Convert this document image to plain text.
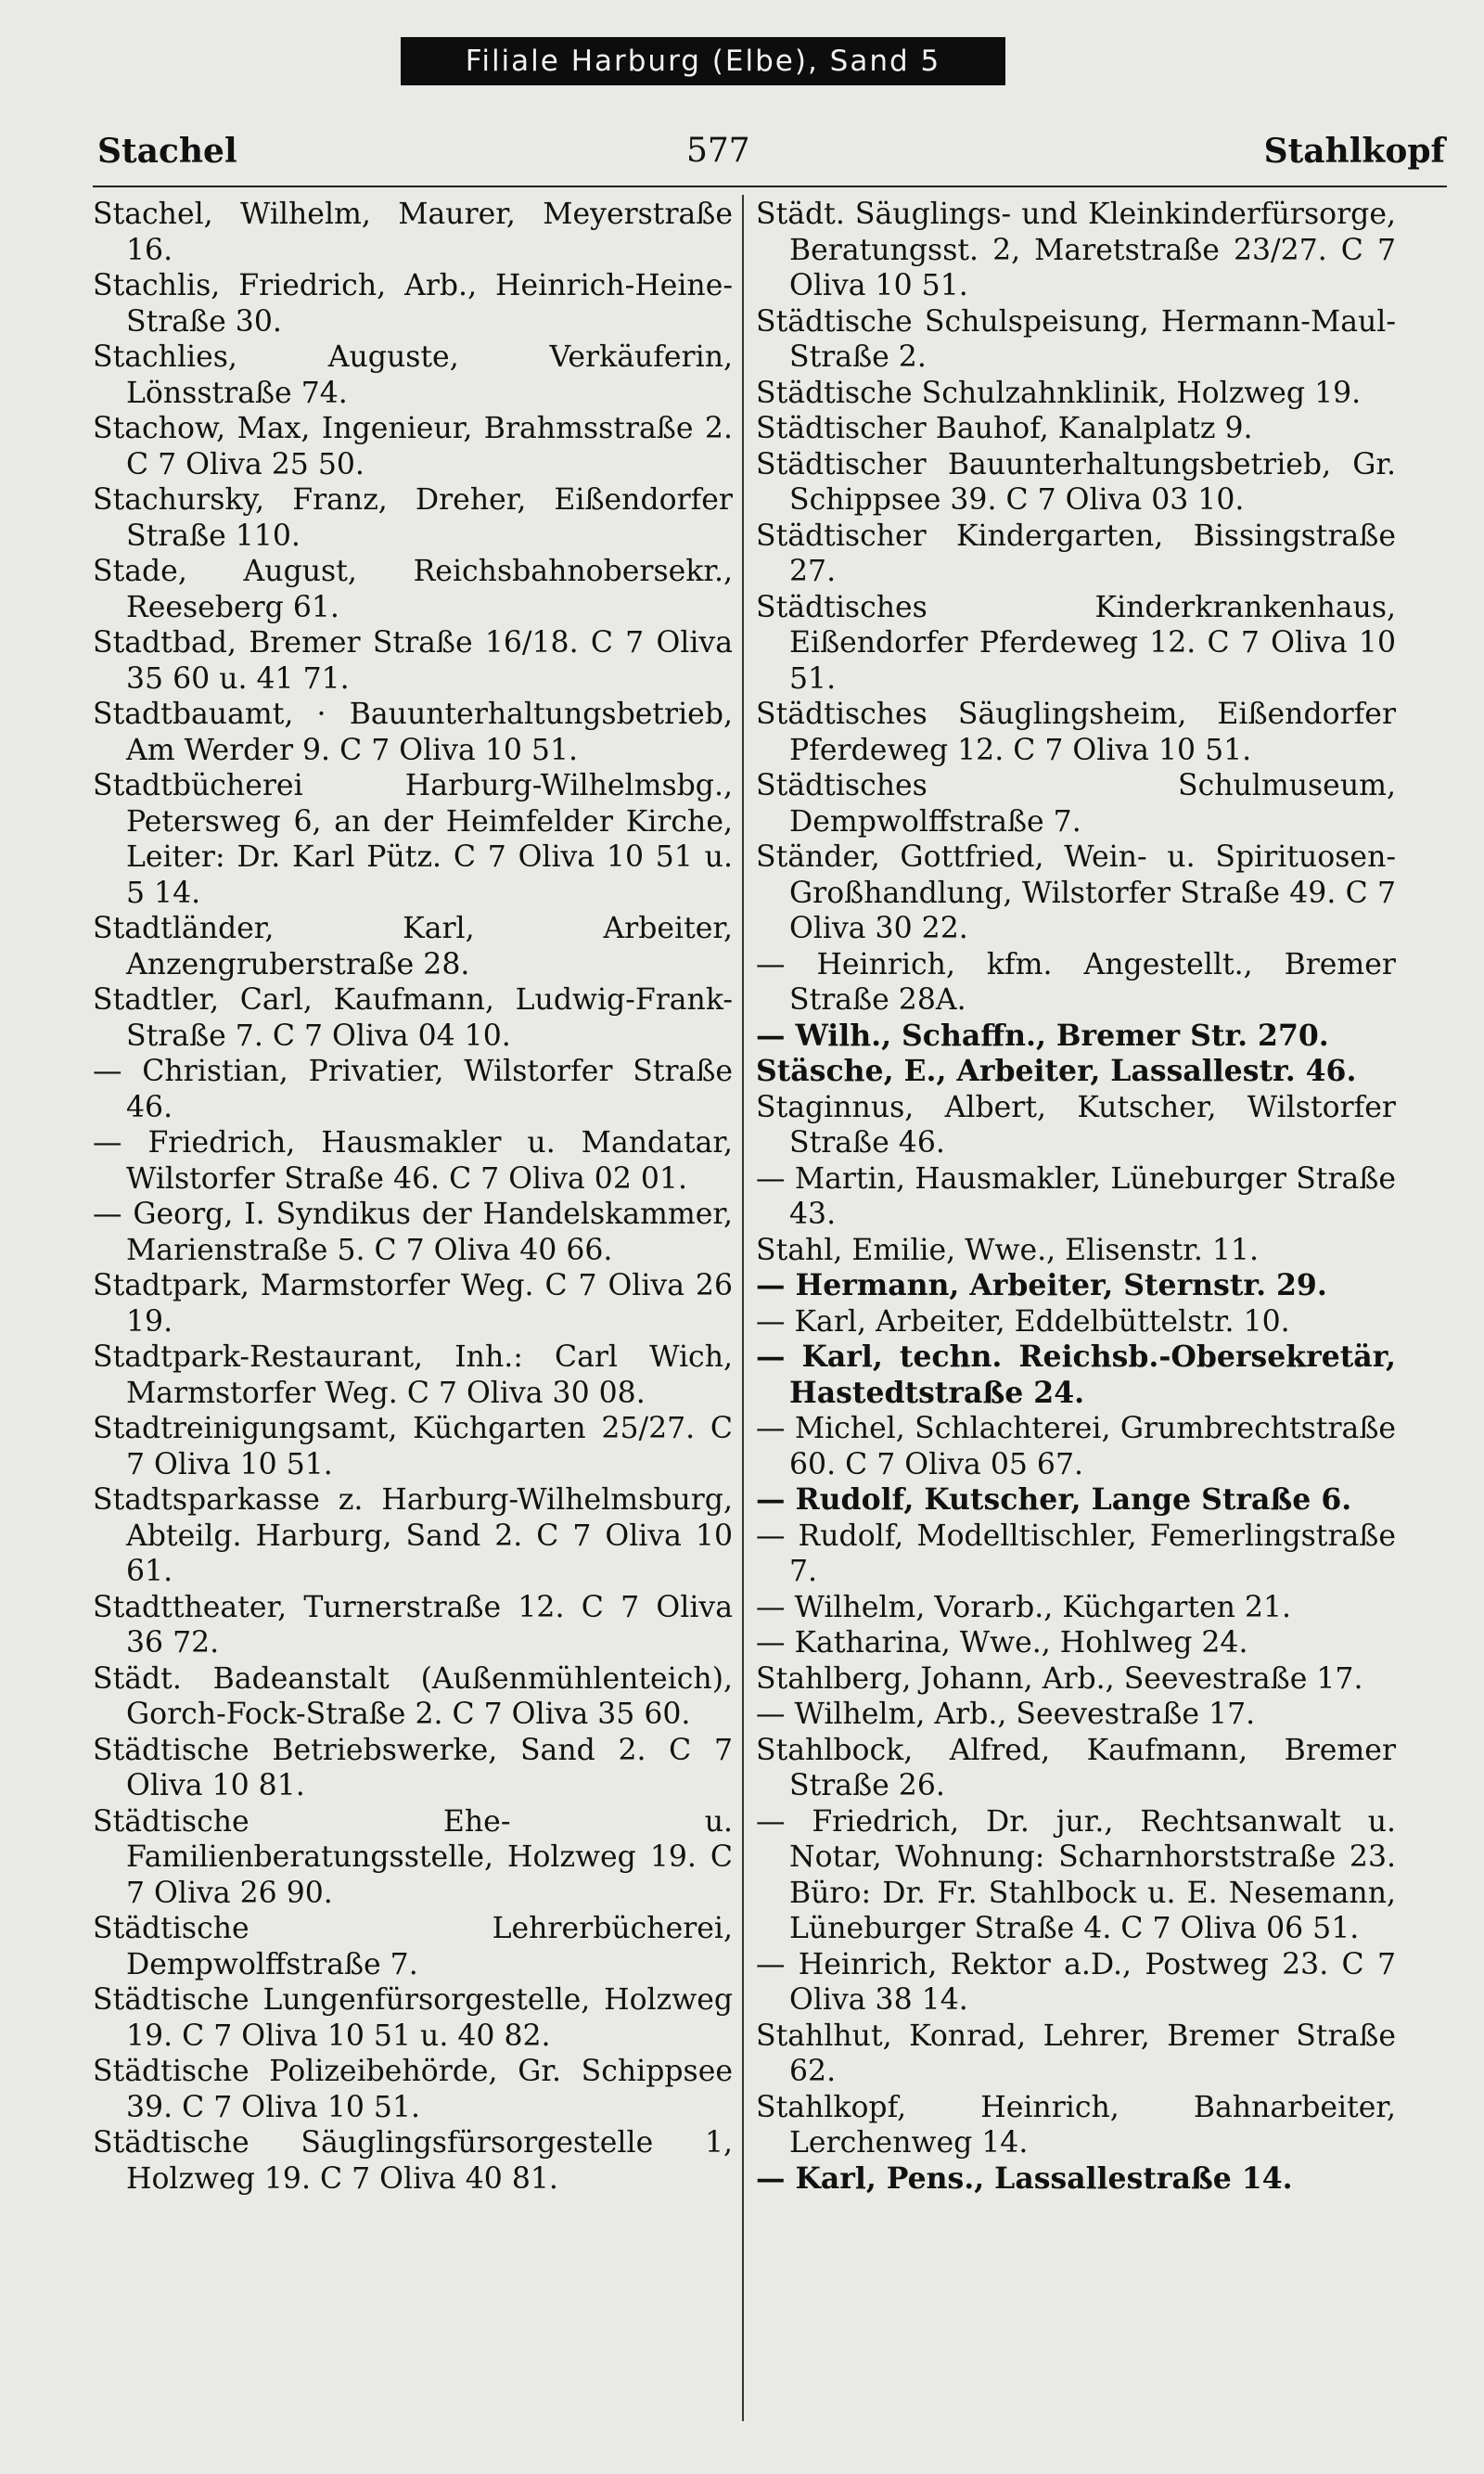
Filiale Harburg (Elbe), Sand 5
Stachel	577	Stahlkopf
Stachel, Wilhelm, Maurer, Meyerstraße 16.
Stachlis, Friedrich, Arb., Heinrich-Heine-Straße 30.
Stachlies, Auguste, Verkäuferin, Lönsstraße 74.
Stachow, Max, Ingenieur, Brahmsstraße 2. C 7 Oliva 25 50.
Stachursky, Franz, Dreher, Eißendorfer Straße 110.
Stade, August, Reichsbahnobersekr., Reeseberg 61.
Stadtbad, Bremer Straße 16/18. C 7 Oliva 35 60 u. 41 71.
Stadtbauamt, · Bauunterhaltungsbetrieb, Am Werder 9. C 7 Oliva 10 51.
Stadtbücherei Harburg-Wilhelmsbg., Petersweg 6, an der Heimfelder Kirche, Leiter: Dr. Karl Pütz. C 7 Oliva 10 51 u. 5 14.
Stadtländer, Karl, Arbeiter, Anzengruberstraße 28.
Stadtler, Carl, Kaufmann, Ludwig-Frank-Straße 7. C 7 Oliva 04 10.
— Christian, Privatier, Wilstorfer Straße 46.
— Friedrich, Hausmakler u. Mandatar, Wilstorfer Straße 46. C 7 Oliva 02 01.
— Georg, I. Syndikus der Handelskammer, Marienstraße 5. C 7 Oliva 40 66.
Stadtpark, Marmstorfer Weg. C 7 Oliva 26 19.
Stadtpark-Restaurant, Inh.: Carl Wich, Marmstorfer Weg. C 7 Oliva 30 08.
Stadtreinigungsamt, Küchgarten 25/27. C 7 Oliva 10 51.
Stadtsparkasse z. Harburg-Wilhelmsburg, Abteilg. Harburg, Sand 2. C 7 Oliva 10 61.
Stadttheater, Turnerstraße 12. C 7 Oliva 36 72.
Städt. Badeanstalt (Außenmühlenteich), Gorch-Fock-Straße 2. C 7 Oliva 35 60.
Städtische Betriebswerke, Sand 2. C 7 Oliva 10 81.
Städtische Ehe- u. Familienberatungsstelle, Holzweg 19. C 7 Oliva 26 90.
Städtische Lehrerbücherei, Dempwolffstraße 7.
Städtische Lungenfürsorgestelle, Holzweg 19. C 7 Oliva 10 51 u. 40 82.
Städtische Polizeibehörde, Gr. Schippsee 39. C 7 Oliva 10 51.
Städtische Säuglingsfürsorgestelle 1, Holzweg 19. C 7 Oliva 40 81.
Städt. Säuglings- und Kleinkinderfürsorge, Beratungsst. 2, Maretstraße 23/27. C 7 Oliva 10 51.
Städtische Schulspeisung, Hermann-Maul-Straße 2.
Städtische Schulzahnklinik, Holzweg 19.
Städtischer Bauhof, Kanalplatz 9.
Städtischer Bauunterhaltungsbetrieb, Gr. Schippsee 39. C 7 Oliva 03 10.
Städtischer Kindergarten, Bissingstraße 27.
Städtisches Kinderkrankenhaus, Eißendorfer Pferdeweg 12. C 7 Oliva 10 51.
Städtisches Säuglingsheim, Eißendorfer Pferdeweg 12. C 7 Oliva 10 51.
Städtisches Schulmuseum, Dempwolffstraße 7.
Ständer, Gottfried, Wein- u. Spirituosen-Großhandlung, Wilstorfer Straße 49. C 7 Oliva 30 22.
— Heinrich, kfm. Angestellt., Bremer Straße 28A.
— Wilh., Schaffn., Bremer Str. 270.
Stäsche, E., Arbeiter, Lassallestr. 46.
Staginnus, Albert, Kutscher, Wilstorfer Straße 46.
— Martin, Hausmakler, Lüneburger Straße 43.
Stahl, Emilie, Wwe., Elisenstr. 11.
— Hermann, Arbeiter, Sternstr. 29.
— Karl, Arbeiter, Eddelbüttelstr. 10.
— Karl, techn. Reichsb.-Obersekretär, Hastedtstraße 24.
— Michel, Schlachterei, Grumbrechtstraße 60. C 7 Oliva 05 67.
— Rudolf, Kutscher, Lange Straße 6.
— Rudolf, Modelltischler, Femerlingstraße 7.
— Wilhelm, Vorarb., Küchgarten 21.
— Katharina, Wwe., Hohlweg 24.
Stahlberg, Johann, Arb., Seevestraße 17.
— Wilhelm, Arb., Seevestraße 17.
Stahlbock, Alfred, Kaufmann, Bremer Straße 26.
— Friedrich, Dr. jur., Rechtsanwalt u. Notar, Wohnung: Scharnhorststraße 23. Büro: Dr. Fr. Stahlbock u. E. Nesemann, Lüneburger Straße 4. C 7 Oliva 06 51.
— Heinrich, Rektor a.D., Postweg 23. C 7 Oliva 38 14.
Stahlhut, Konrad, Lehrer, Bremer Straße 62.
Stahlkopf, Heinrich, Bahnarbeiter, Lerchenweg 14.
— Karl, Pens., Lassallestraße 14.
